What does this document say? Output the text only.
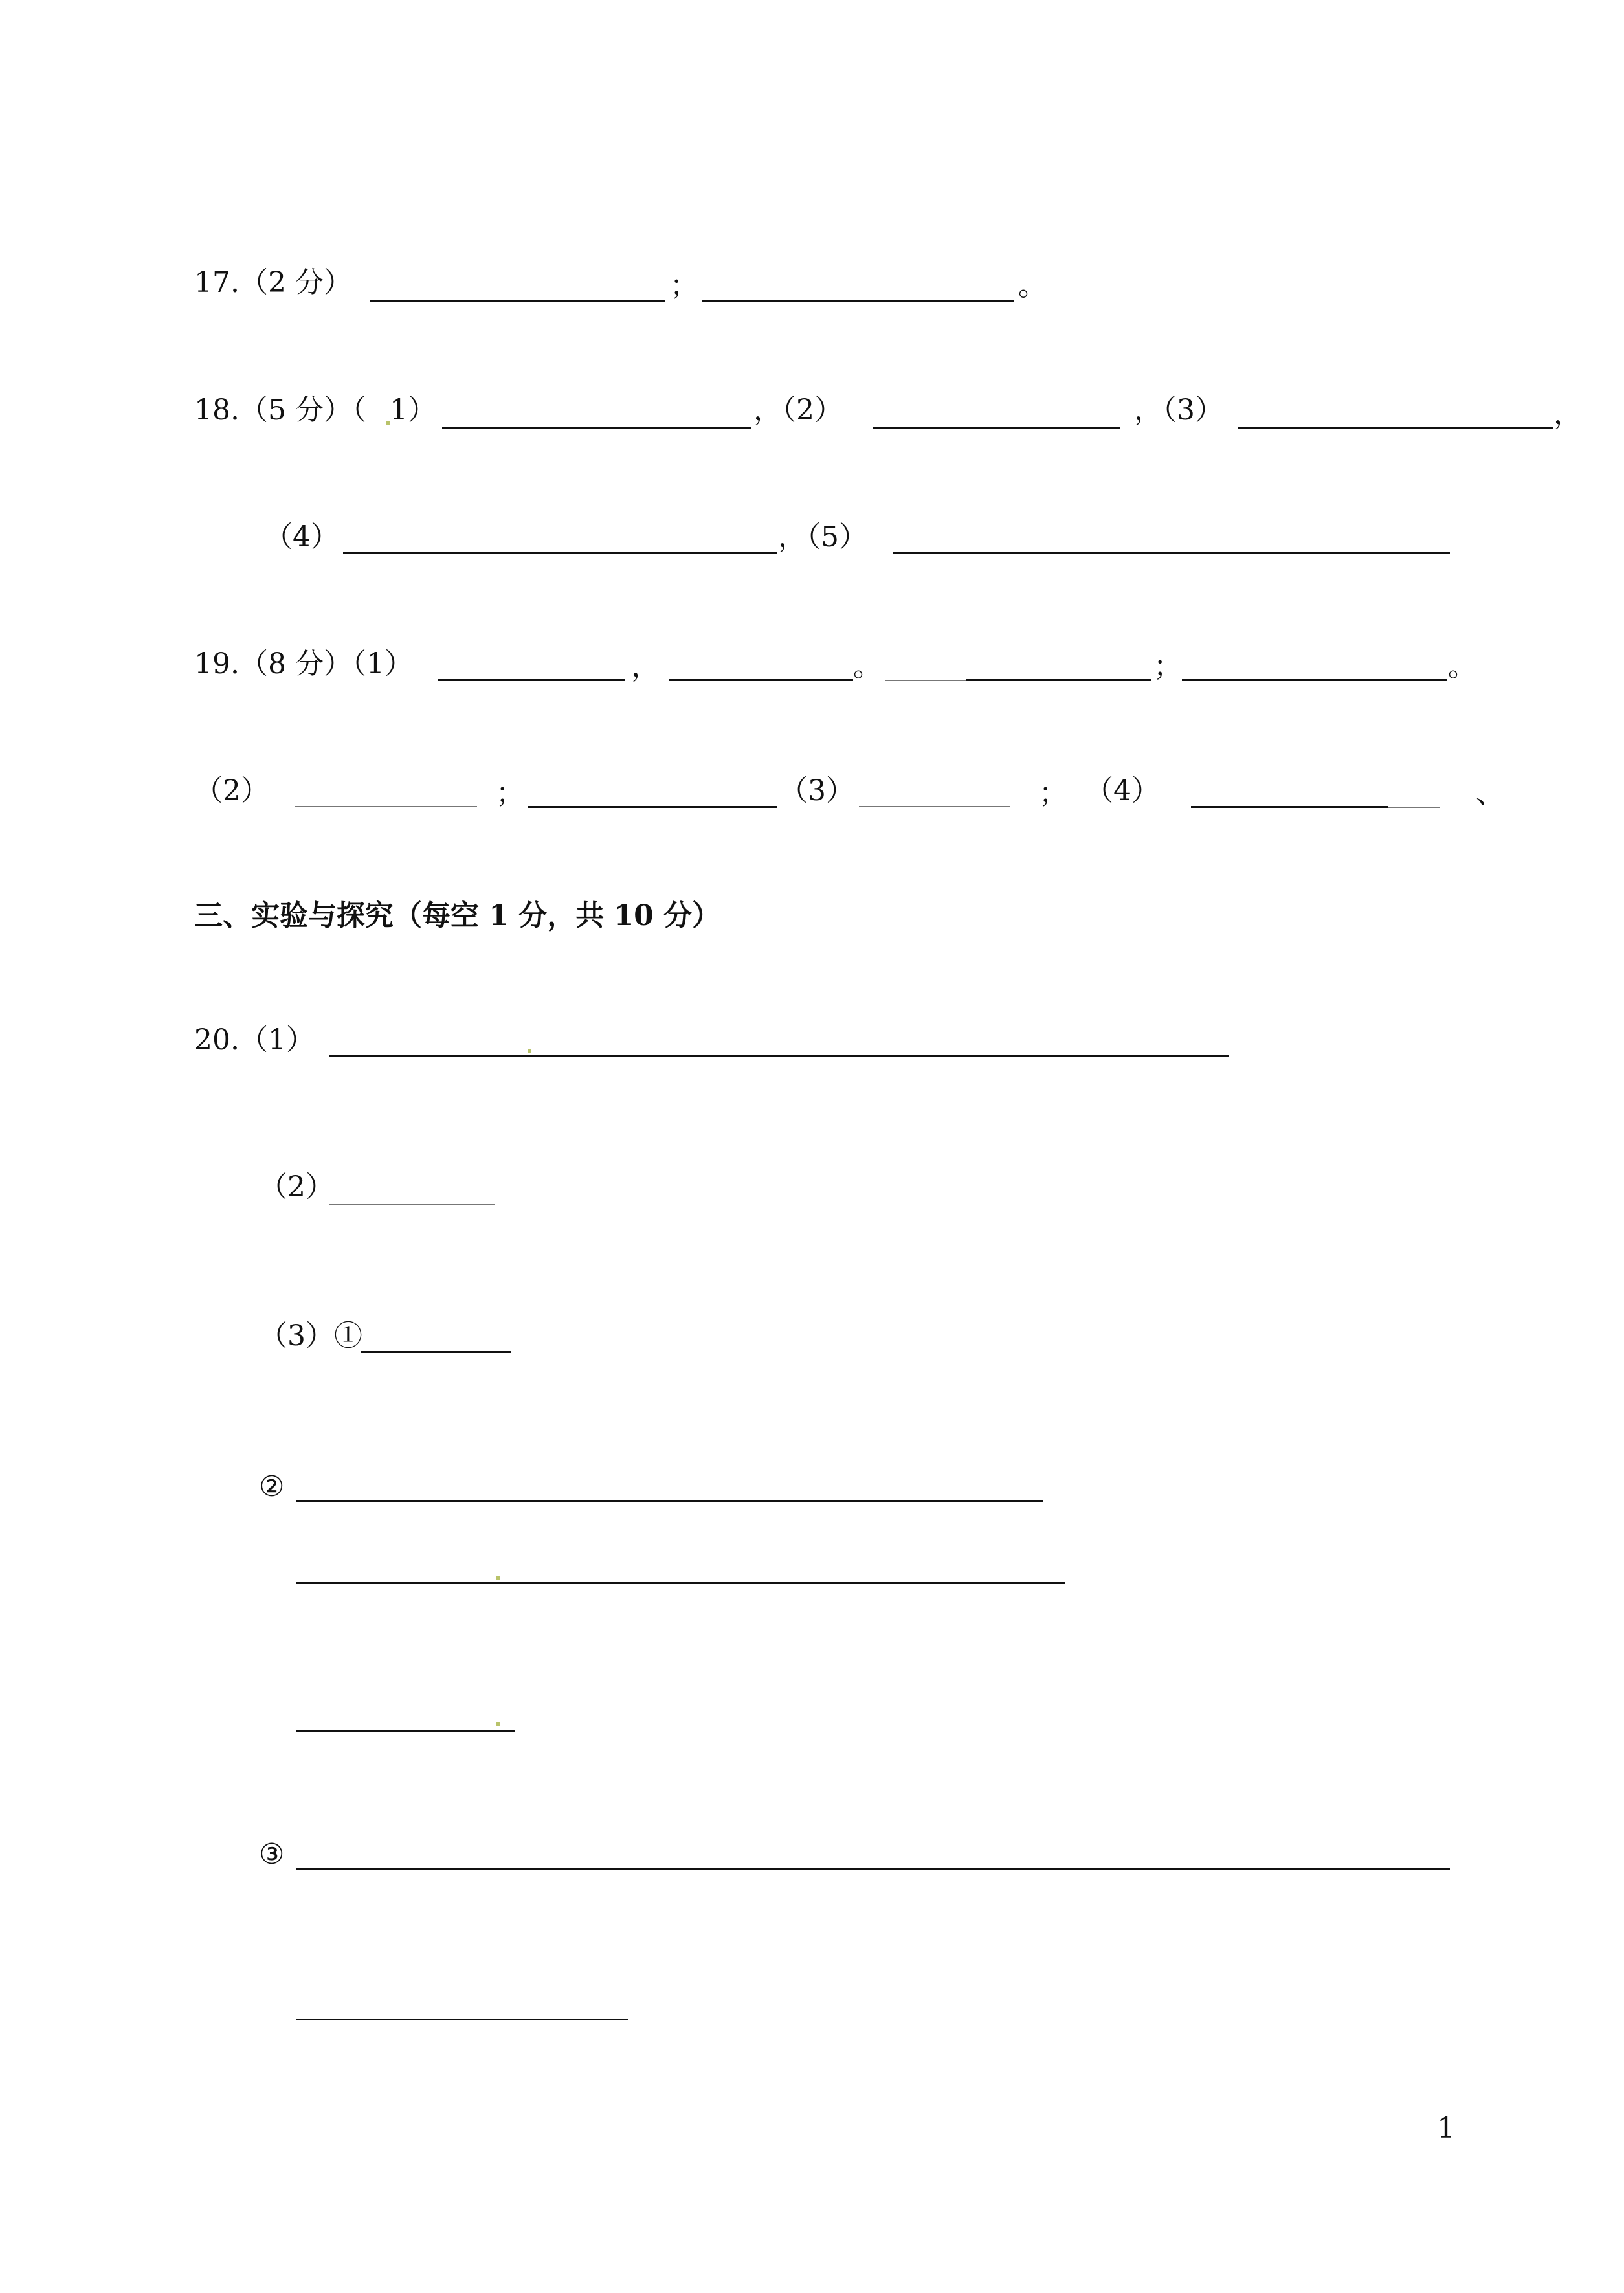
17.（2 分）	；	。
18.（5 分）（ 1）	，（2）	，（3）	，
（4）	，（5）
19.（8 分）（1）	，	。	；	。
（2）	；	（3）	； （4）	、
三、实验与探究（每空 1 分，共 10 分）
20.（1）
（2）
（3）①
②
③
1
